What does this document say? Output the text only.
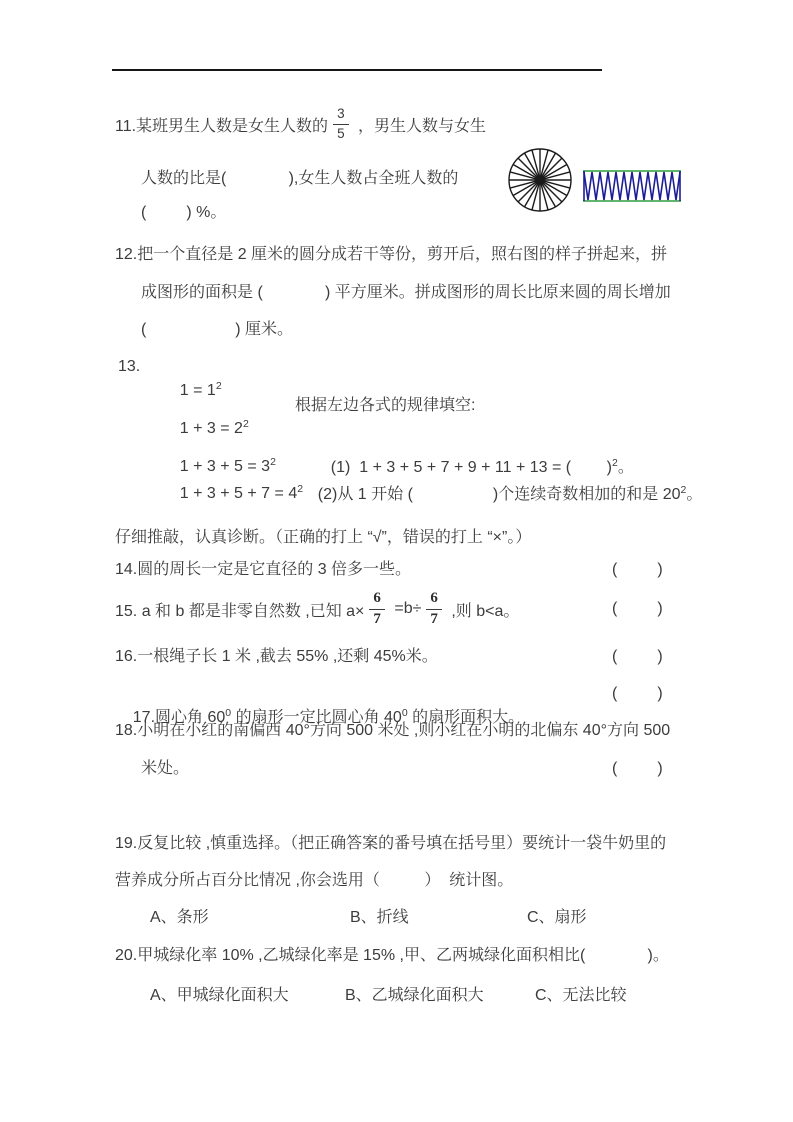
11.某班男生人数是女生人数的 $\frac{3}{5}$ ，男生人数与女生
人数的比是(              ),女生人数占全班人数的
(         ) %。
12.把一个直径是 2 厘米的圆分成若干等份，剪开后，照右图的样子拼起来，拼
成图形的面积是 (              ) 平方厘米。拼成图形的周长比原来圆的周长增加
(                    ) 厘米。
13.

$1 = 1^2$

$1 + 3 = 2^2$

根据左边各式的规律填空:

$1 + 3 + 5 = 3^2$
	(1)  1 + 3 + 5 + 7 + 9 + 11 + 13 = (        )$^2$。

$1 + 3 + 5 + 7 = 4^2$
(2)从 1 开始 (                  )个连续奇数相加的和是 $20^2$。

仔细推敲，认真诊断。（正确的打上 “√”，错误的打上 “×”。）
14.圆的周长一定是它直径的 3 倍多一些。	(         )
15. a 和 b 都是非零自然数 ,已知 $a\times \frac{6}{7} =b\div \frac{6}{7}$ ,则 b<a。	(         )
16.一根绳子长 1 米 ,截去 55% ,还剩 45%米。	(         )

17.圆心角 $60^0$ 的扇形一定比圆心角 $40^0$ 的扇形面积大。

(         )
18.小明在小红的南偏西 40°方向 500 米处 ,则小红在小明的北偏东 40°方向 500
米处。	(         )
19.反复比较 ,慎重选择。（把正确答案的番号填在括号里）要统计一袋牛奶里的
营养成分所占百分比情况 ,你会选用（          ）  统计图。
A、条形	B、折线	C、扇形
20.甲城绿化率 10% ,乙城绿化率是 15% ,甲、乙两城绿化面积相比(              )。
A、甲城绿化面积大	B、乙城绿化面积大	C、无法比较
